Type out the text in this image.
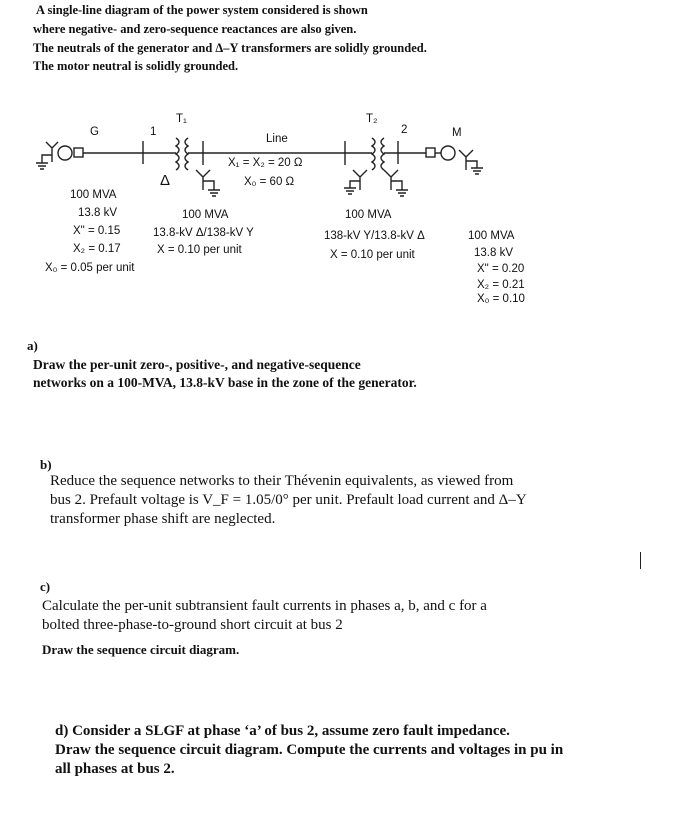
A single-line diagram of the power system considered is shown
where negative- and zero-sequence reactances are also given.
The neutrals of the generator and Δ–Y transformers are solidly grounded.
The motor neutral is solidly grounded.
G	1
T₁
Line
T₂
2	M
Δ
X₁ = X₂ = 20 Ω
X₀ = 60 Ω
100 MVA
13.8 kV
X" = 0.15
X₂ = 0.17
X₀ = 0.05 per unit
100 MVA
13.8-kV Δ/138-kV Y
X = 0.10 per unit
100 MVA
138-kV Y/13.8-kV Δ
X = 0.10 per unit
100 MVA
13.8 kV
X" = 0.20
X₂ = 0.21
X₀ = 0.10
a)
Draw the per-unit zero-, positive-, and negative-sequence
networks on a 100-MVA, 13.8-kV base in the zone of the generator.
b)
Reduce the sequence networks to their Thévenin equivalents, as viewed from
bus 2. Prefault voltage is V_F = 1.05/0° per unit. Prefault load current and Δ–Y
transformer phase shift are neglected.
c)
Calculate the per-unit subtransient fault currents in phases a, b, and c for a
bolted three-phase-to-ground short circuit at bus 2
Draw the sequence circuit diagram.
d) Consider a SLGF at phase ‘a’ of bus 2, assume zero fault impedance.
Draw the sequence circuit diagram. Compute the currents and voltages in pu in
all phases at bus 2.
